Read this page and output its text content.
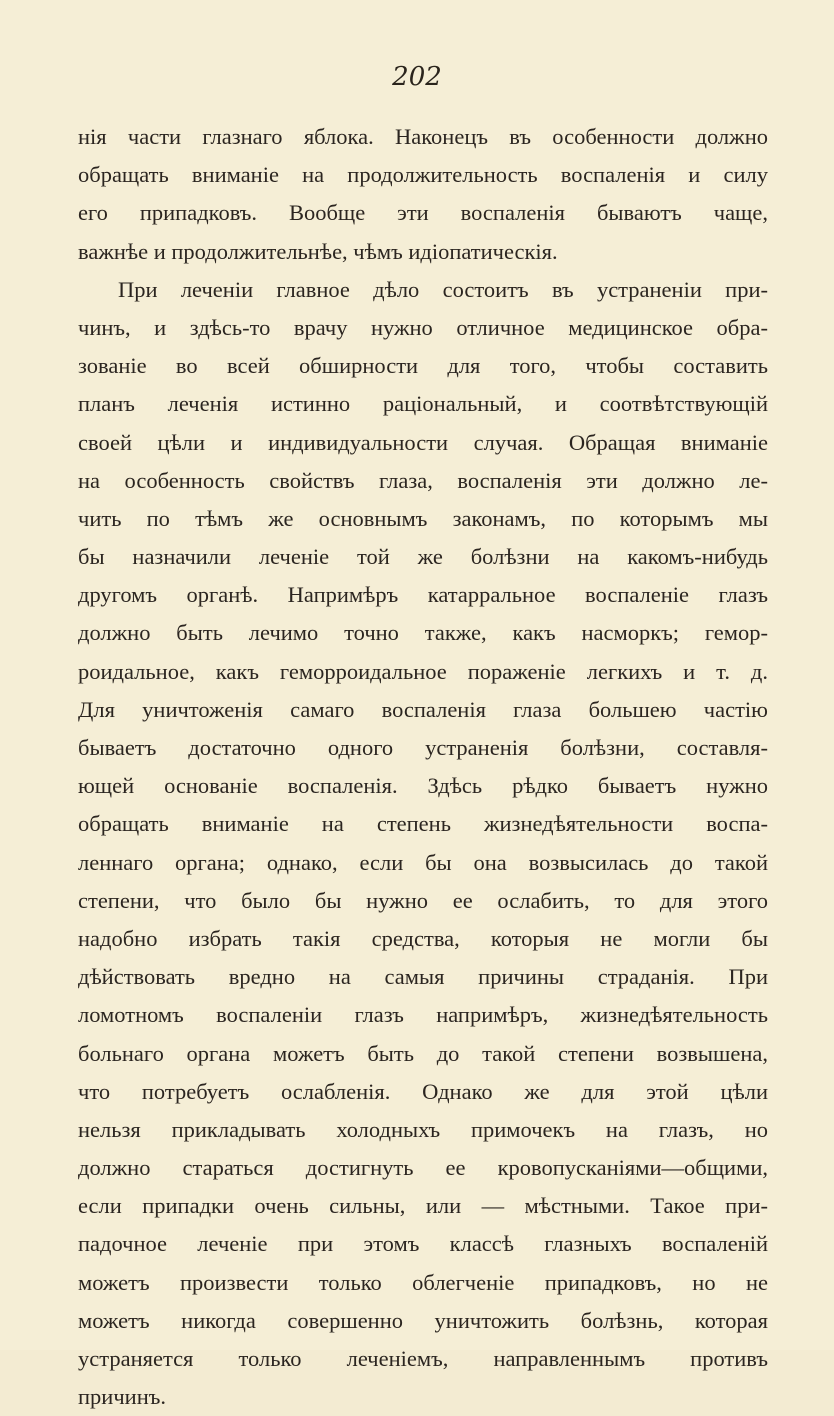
202
нія части глазнаго яблока. Наконецъ въ особенности должно
обращать вниманіе на продолжительность воспаленія и силу
его припадковъ. Вообще эти воспаленія бываютъ чаще,
важнѣе и продолжительнѣе, чѣмъ идіопатическія.
При леченіи главное дѣло состоитъ въ устраненіи при-
чинъ, и здѣсь-то врачу нужно отличное медицинское обра-
зованіе во всей обширности для того, чтобы составить
планъ леченія истинно раціональный, и соотвѣтствующій
своей цѣли и индивидуальности случая. Обращая вниманіе
на особенность свойствъ глаза, воспаленія эти должно ле-
чить по тѣмъ же основнымъ законамъ, по которымъ мы
бы назначили леченіе той же болѣзни на какомъ-нибудь
другомъ органѣ. Напримѣръ катарральное воспаленіе глазъ
должно быть лечимо точно также, какъ насморкъ; гемор-
роидальное, какъ геморроидальное пораженіе легкихъ и т. д.
Для уничтоженія самаго воспаленія глаза большею частію
бываетъ достаточно одного устраненія болѣзни, составля-
ющей основаніе воспаленія. Здѣсь рѣдко бываетъ нужно
обращать вниманіе на степень жизнедѣятельности воспа-
леннаго органа; однако, если бы она возвысилась до такой
степени, что было бы нужно ее ослабить, то для этого
надобно избрать такія средства, которыя не могли бы
дѣйствовать вредно на самыя причины страданія. При
ломотномъ воспаленіи глазъ напримѣръ, жизнедѣятельность
больнаго органа можетъ быть до такой степени возвышена,
что потребуетъ ослабленія. Однако же для этой цѣли
нельзя прикладывать холодныхъ примочекъ на глазъ, но
должно стараться достигнуть ее кровопусканіями—общими,
если припадки очень сильны, или — мѣстными. Такое при-
падочное леченіе при этомъ классѣ глазныхъ воспаленій
можетъ произвести только облегченіе припадковъ, но не
можетъ никогда совершенно уничтожить болѣзнь, которая
устраняется только леченіемъ, направленнымъ противъ
причинъ.
